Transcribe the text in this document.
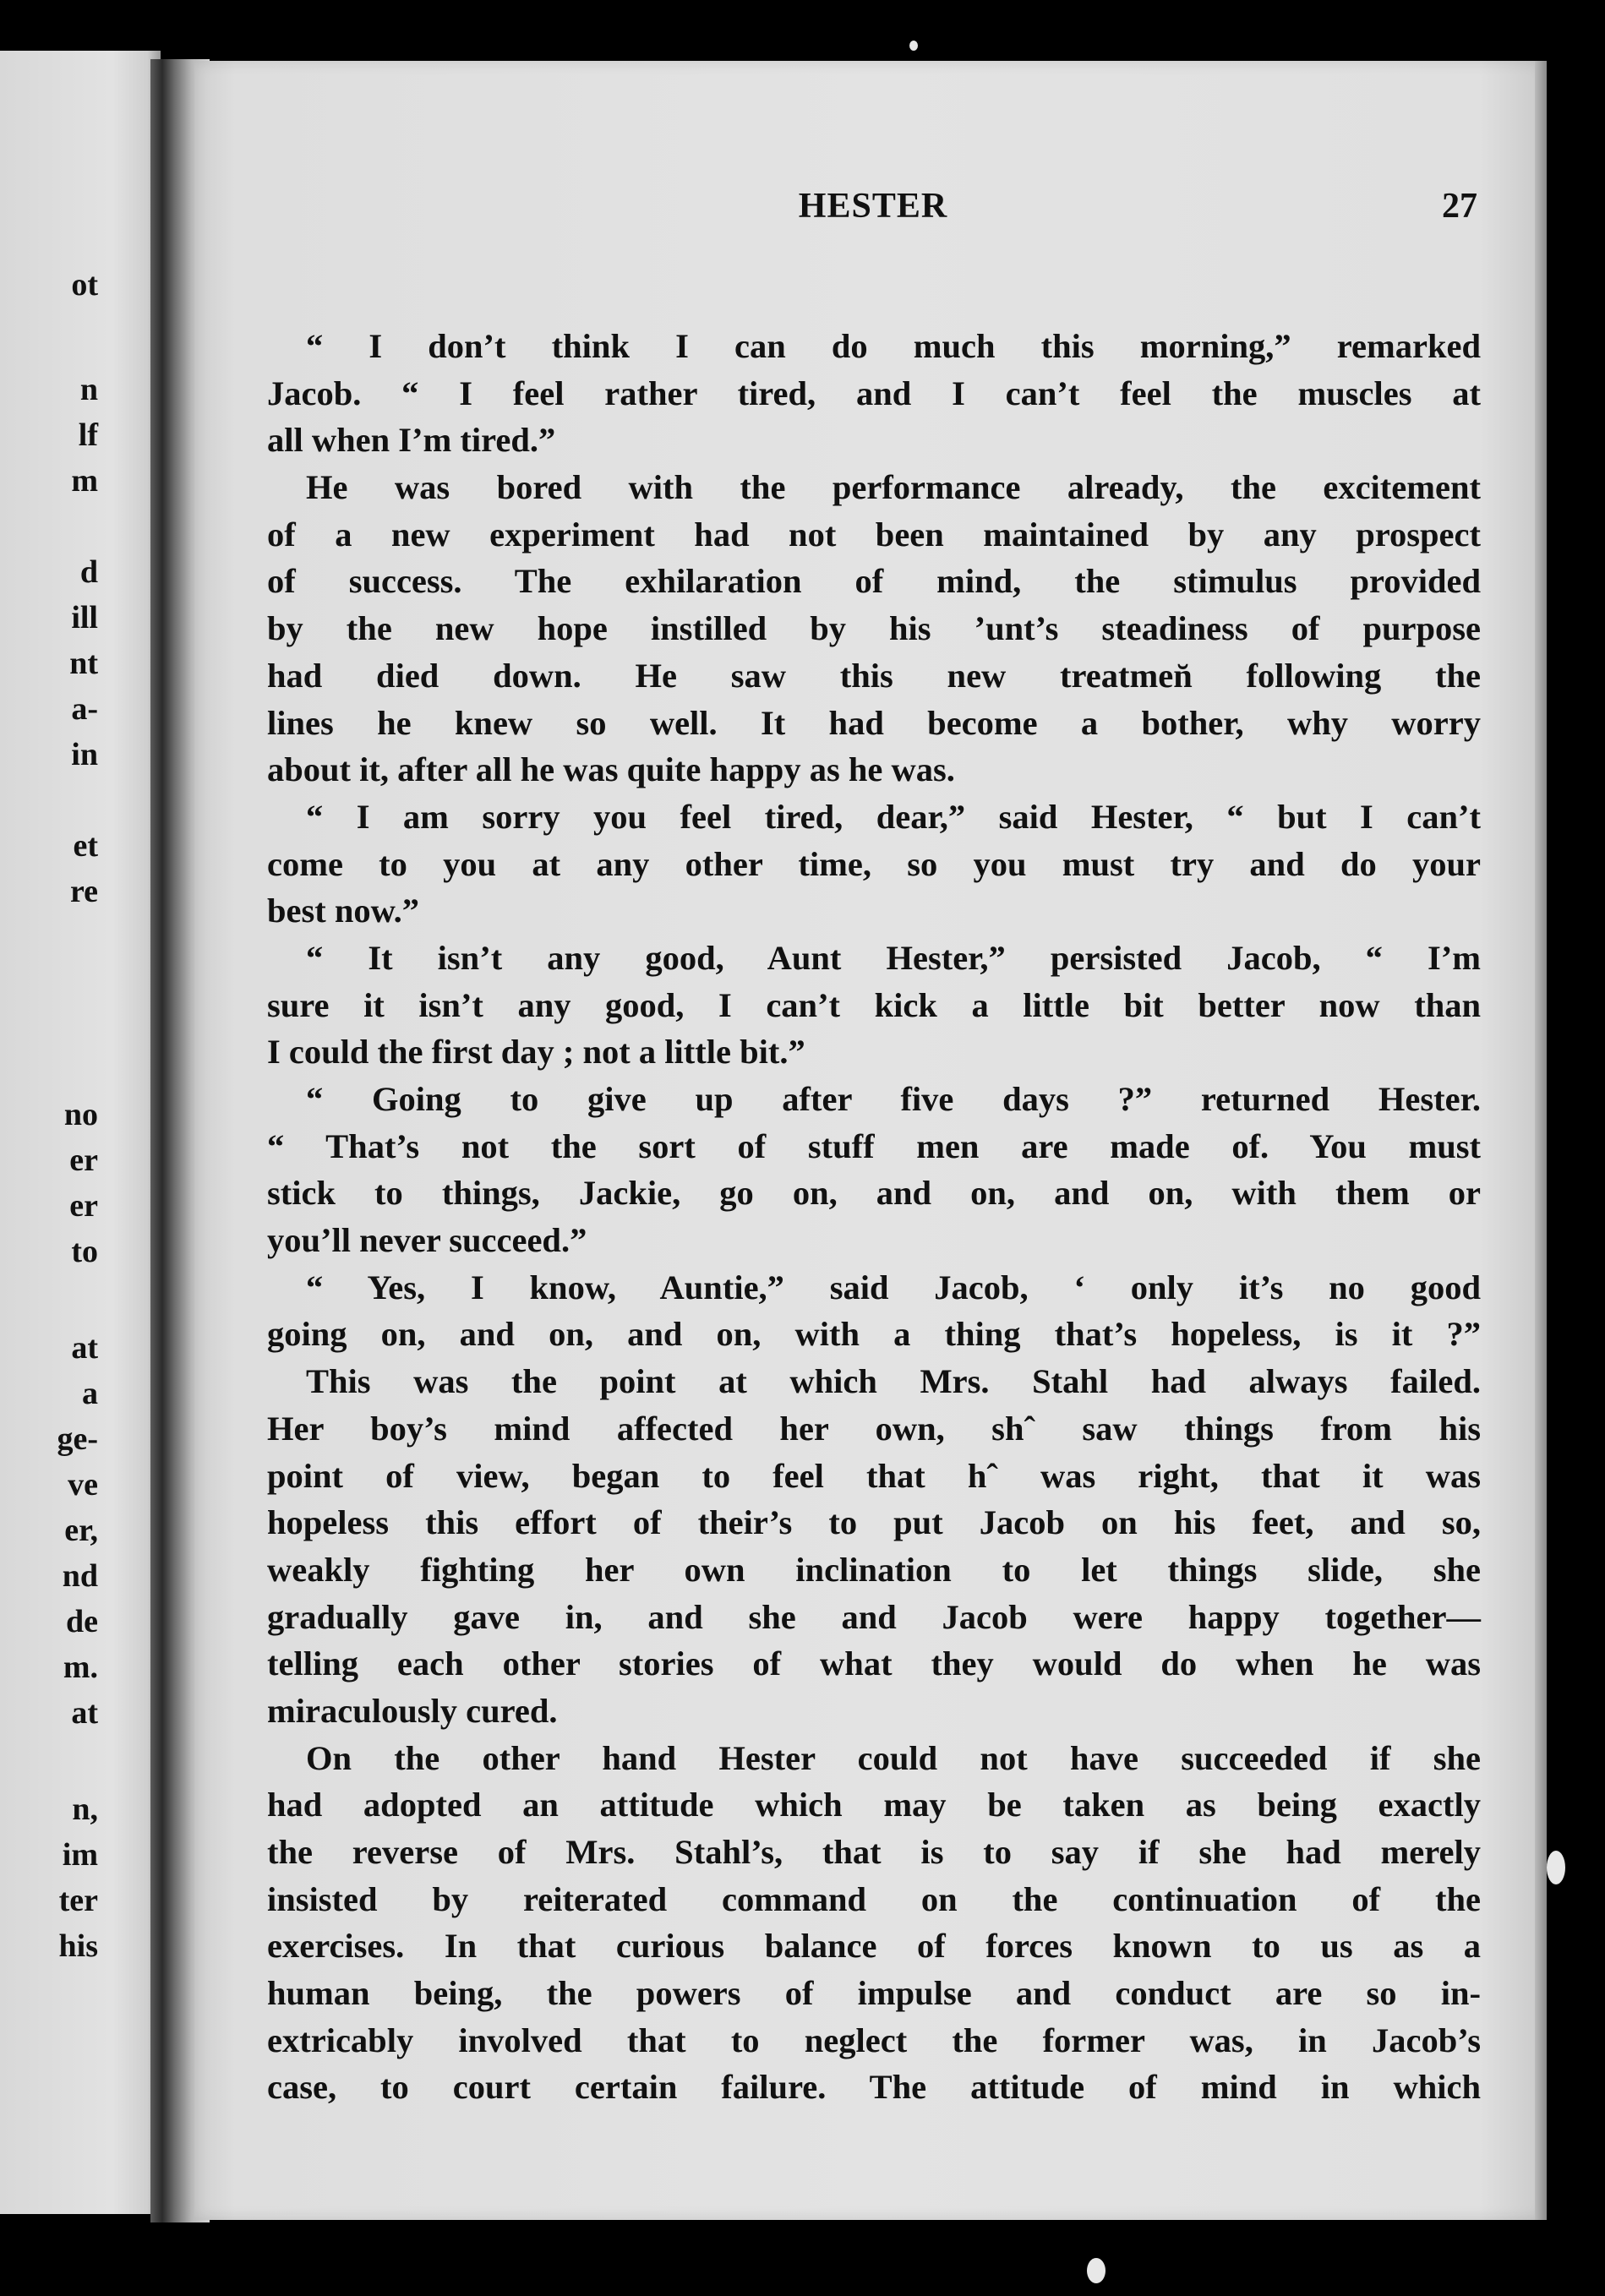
ot
n
lf
m
d
ill
nt
a-
in
et
re
no
er
er
to
at
a
ge-
ve
er,
nd
de
m.
at
n,
im
ter
his
HESTER	27
“ I don’t think I can do much this morning,” remarked
Jacob. “ I feel rather tired, and I can’t feel the muscles at
all when I’m tired.”
He was bored with the performance already, the excitement
of a new experiment had not been maintained by any prospect
of success. The exhilaration of mind, the stimulus provided
by the new hope instilled by his ’unt’s steadiness of purpose
had died down. He saw this new treatmen̆ following the
lines he knew so well. It had become a bother, why worry
about it, after all he was quite happy as he was.
“ I am sorry you feel tired, dear,” said Hester, “ but I can’t
come to you at any other time, so you must try and do your
best now.”
“ It isn’t any good, Aunt Hester,” persisted Jacob, “ I’m
sure it isn’t any good, I can’t kick a little bit better now than
I could the first day ; not a little bit.”
“ Going to give up after five days ?” returned Hester.
“ That’s not the sort of stuff men are made of. You must
stick to things, Jackie, go on, and on, and on, with them or
you’ll never succeed.”
“ Yes, I know, Auntie,” said Jacob, ʻ only it’s no good
going on, and on, and on, with a thing that’s hopeless, is it ?”
This was the point at which Mrs. Stahl had always failed.
Her boy’s mind affected her own, shˆ saw things from his
point of view, began to feel that hˆ was right, that it was
hopeless this effort of their’s to put Jacob on his feet, and so,
weakly fighting her own inclination to let things slide, she
gradually gave in, and she and Jacob were happy together—
telling each other stories of what they would do when he was
miraculously cured.
On the other hand Hester could not have succeeded if she
had adopted an attitude which may be taken as being exactly
the reverse of Mrs. Stahl’s, that is to say if she had merely
insisted by reiterated command on the continuation of the
exercises. In that curious balance of forces known to us as a
human being, the powers of impulse and conduct are so in-
extricably involved that to neglect the former was, in Jacob’s
case, to court certain failure. The attitude of mind in which
